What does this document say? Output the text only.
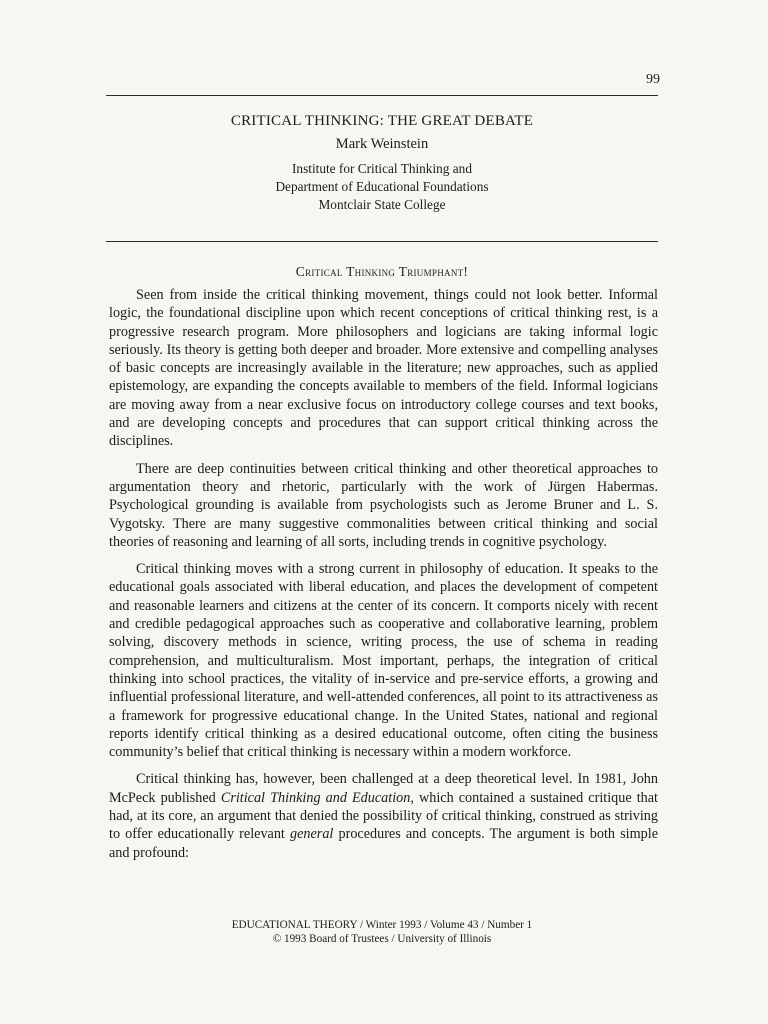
99
CRITICAL THINKING: THE GREAT DEBATE
Mark Weinstein
Institute for Critical Thinking and
Department of Educational Foundations
Montclair State College
Critical Thinking Triumphant!

Seen from inside the critical thinking movement, things could not look better. Informal logic, the foundational discipline upon which recent conceptions of critical thinking rest, is a progressive research program. More philosophers and logicians are taking informal logic seriously. Its theory is getting both deeper and broader. More extensive and compelling analyses of basic concepts are increasingly available in the literature; new approaches, such as applied epistemology, are expanding the concepts available to members of the field. Informal logicians are moving away from a near exclusive focus on introductory college courses and text books, and are developing concepts and procedures that can support critical thinking across the disciplines.

There are deep continuities between critical thinking and other theoretical approaches to argumentation theory and rhetoric, particularly with the work of Jürgen Habermas. Psychological grounding is available from psychologists such as Jerome Bruner and L. S. Vygotsky. There are many suggestive commonalities between critical thinking and social theories of reasoning and learning of all sorts, including trends in cognitive psychology.

Critical thinking moves with a strong current in philosophy of education. It speaks to the educational goals associated with liberal education, and places the development of competent and reasonable learners and citizens at the center of its concern. It comports nicely with recent and credible pedagogical approaches such as cooperative and collaborative learning, problem solving, discovery methods in science, writing process, the use of schema in reading comprehension, and multiculturalism. Most important, perhaps, the integration of critical thinking into school practices, the vitality of in-service and pre-service efforts, a growing and influential professional literature, and well-attended conferences, all point to its attractiveness as a framework for progressive educational change. In the United States, national and regional reports identify critical thinking as a desired educational outcome, often citing the business community’s belief that critical thinking is necessary within a modern workforce.

Critical thinking has, however, been challenged at a deep theoretical level. In 1981, John McPeck published Critical Thinking and Education, which contained a sustained critique that had, at its core, an argument that denied the possibility of critical thinking, construed as striving to offer educationally relevant general procedures and concepts. The argument is both simple and profound:

EDUCATIONAL THEORY / Winter 1993 / Volume 43 / Number 1
© 1993 Board of Trustees / University of Illinois
